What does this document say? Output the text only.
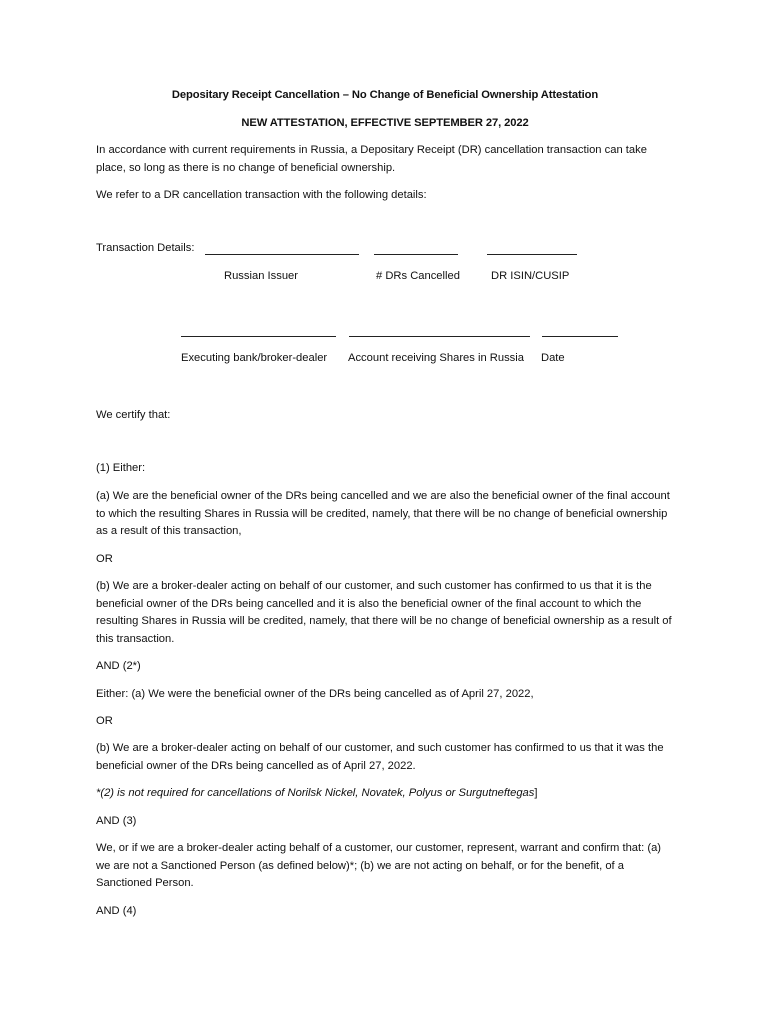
Depositary Receipt Cancellation – No Change of Beneficial Ownership Attestation
NEW ATTESTATION, EFFECTIVE SEPTEMBER 27, 2022

In accordance with current requirements in Russia, a Depositary Receipt (DR) cancellation transaction can take place, so long as there is no change of beneficial ownership.

We refer to a DR cancellation transaction with the following details:

Transaction Details:
Russian Issuer	# DRs Cancelled	DR ISIN/CUSIP
Executing bank/broker-dealer Account receiving Shares in Russia Date

We certify that:

(1) Either:

(a) We are the beneficial owner of the DRs being cancelled and we are also the beneficial owner of the final account to which the resulting Shares in Russia will be credited, namely, that there will be no change of beneficial ownership as a result of this transaction,

OR

(b) We are a broker-dealer acting on behalf of our customer, and such customer has confirmed to us that it is the beneficial owner of the DRs being cancelled and it is also the beneficial owner of the final account to which the resulting Shares in Russia will be credited, namely, that there will be no change of beneficial ownership as a result of this transaction.

AND (2*)

Either: (a) We were the beneficial owner of the DRs being cancelled as of April 27, 2022,

OR

(b) We are a broker-dealer acting on behalf of our customer, and such customer has confirmed to us that it was the beneficial owner of the DRs being cancelled as of April 27, 2022.

*(2) is not required for cancellations of Norilsk Nickel, Novatek, Polyus or Surgutneftegas]

AND (3)

We, or if we are a broker-dealer acting behalf of a customer, our customer, represent, warrant and confirm that: (a) we are not a Sanctioned Person (as defined below)*; (b) we are not acting on behalf, or for the benefit, of a Sanctioned Person.

AND (4)
